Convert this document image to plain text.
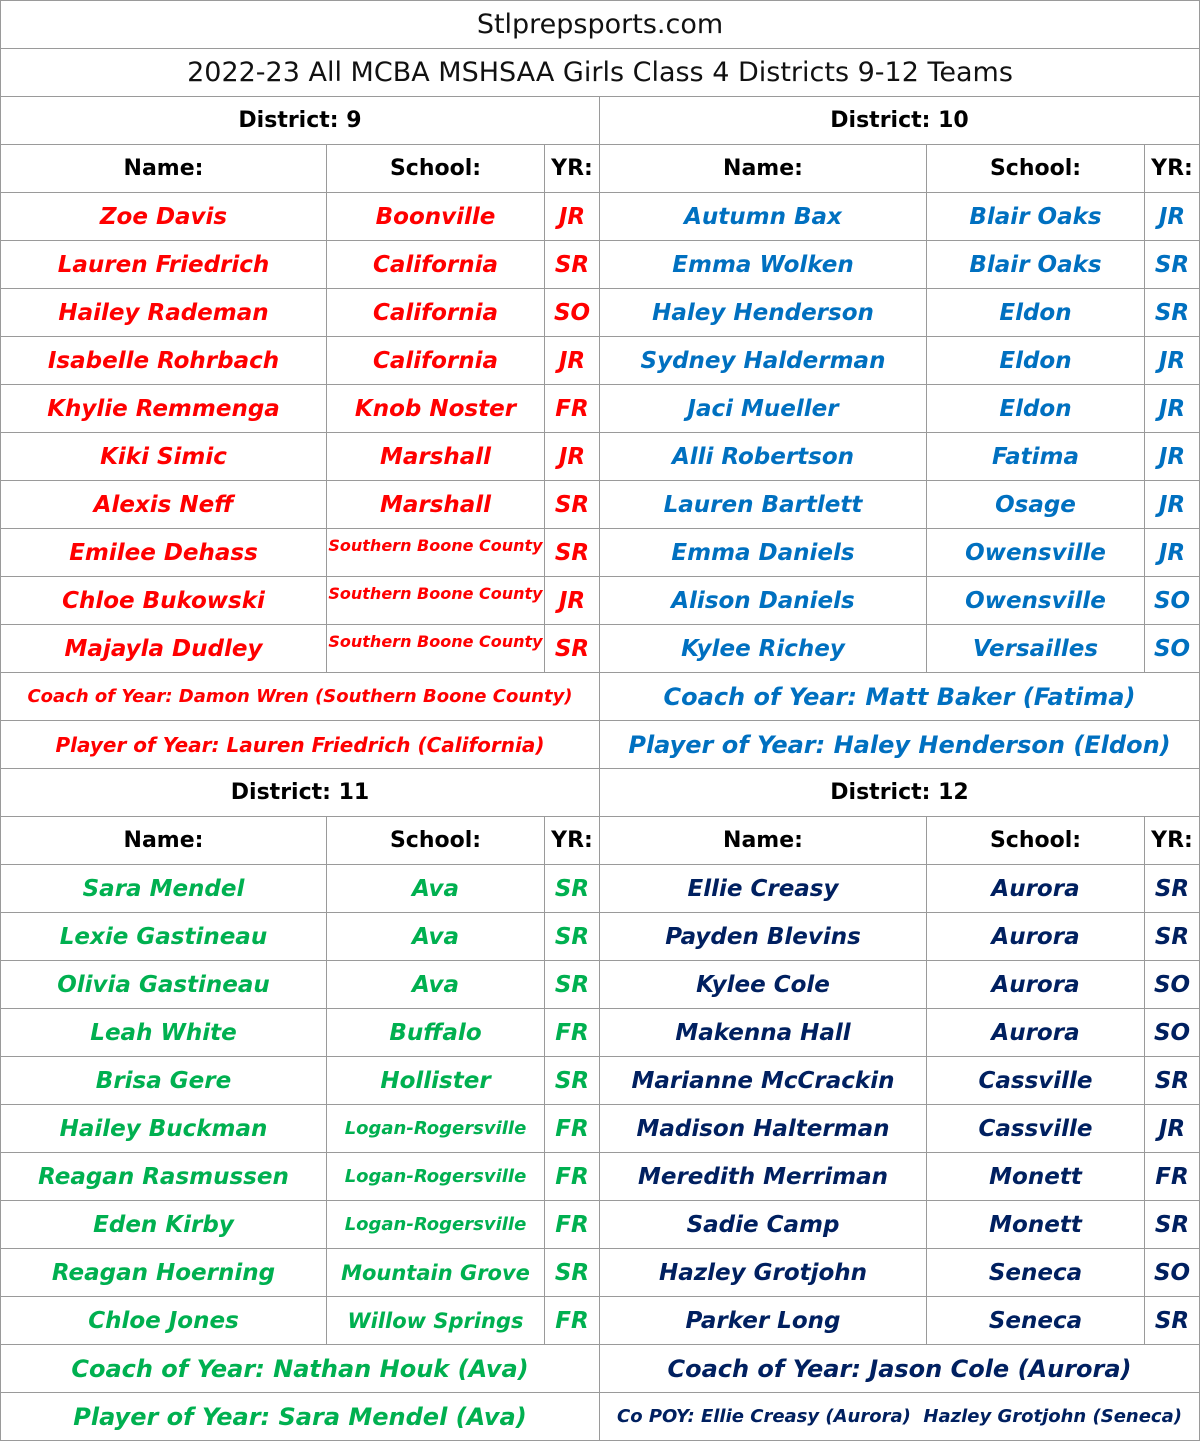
Stlprepsports.com
2022-23 All MCBA MSHSAA Girls Class 4 Districts 9-12 Teams
District: 9	District: 10
Name:	School:	YR:	Name:	School:	YR:
Zoe Davis	Boonville	JR	Autumn Bax	Blair Oaks	JR
Lauren Friedrich	California	SR	Emma Wolken	Blair Oaks	SR
Hailey Rademan	California	SO	Haley Henderson	Eldon	SR
Isabelle Rohrbach	California	JR	Sydney Halderman	Eldon	JR
Khylie Remmenga	Knob Noster	FR	Jaci Mueller	Eldon	JR
Kiki Simic	Marshall	JR	Alli Robertson	Fatima	JR
Alexis Neff	Marshall	SR	Lauren Bartlett	Osage	JR
Emilee Dehass	Southern Boone County SR	Emma Daniels	Owensville	JR
Chloe Bukowski	Southern Boone County JR	Alison Daniels	Owensville	SO
Majayla Dudley	Southern Boone County SR	Kylee Richey	Versailles	SO
Coach of Year: Damon Wren (Southern Boone County)	Coach of Year: Matt Baker (Fatima)
Player of Year: Lauren Friedrich (California)	Player of Year: Haley Henderson (Eldon)
District: 11	District: 12
Name:	School:	YR:	Name:	School:	YR:
Sara Mendel	Ava	SR	Ellie Creasy	Aurora	SR
Lexie Gastineau	Ava	SR	Payden Blevins	Aurora	SR
Olivia Gastineau	Ava	SR	Kylee Cole	Aurora	SO
Leah White	Buffalo	FR	Makenna Hall	Aurora	SO
Brisa Gere	Hollister	SR	Marianne McCrackin	Cassville	SR
Hailey Buckman	Logan-Rogersville	FR	Madison Halterman	Cassville	JR
Reagan Rasmussen	Logan-Rogersville	FR	Meredith Merriman	Monett	FR
Eden Kirby	Logan-Rogersville	FR	Sadie Camp	Monett	SR
Reagan Hoerning	Mountain Grove	SR	Hazley Grotjohn	Seneca	SO
Chloe Jones	Willow Springs	FR	Parker Long	Seneca	SR
Coach of Year: Nathan Houk (Ava)	Coach of Year: Jason Cole (Aurora)
Player of Year: Sara Mendel (Ava)	Co POY: Ellie Creasy (Aurora)  Hazley Grotjohn (Seneca)
